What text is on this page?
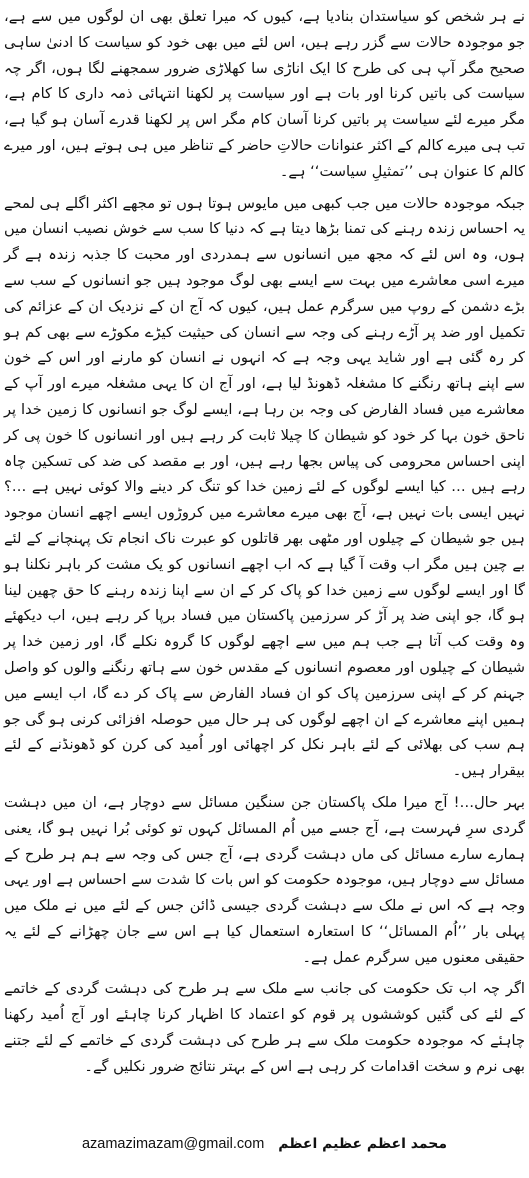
نے ہر شخص کو سیاستدان بنادیا ہے، کیوں کہ میرا تعلق بھی ان لوگوں میں سے ہے، جو موجودہ حالات سے گزر رہے ہیں، اس لئے میں بھی خود کو سیاست کا ادنیٰ ساہی صحیح مگر آپ ہی کی طرح کا ایک اناڑی سا کھلاڑی ضرور سمجھنے لگا ہوں، اگر چہ سیاست کی باتیں کرنا اور بات ہے اور سیاست پر لکھنا انتہائی ذمہ داری کا کام ہے، مگر میرے لئے سیاست پر باتیں کرنا آسان کام مگر اس پر لکھنا قدرے آسان ہو گیا ہے، تب ہی میرے کالم کے اکثر عنوانات حالاتِ حاضر کے تناظر میں ہی ہوتے ہیں، اور میرے کالم کا عنوان ہی ’’تمثیلِ سیاست‘‘ ہے۔

جبکہ موجودہ حالات میں جب کبھی میں مایوس ہوتا ہوں تو مجھے اکثر اگلے ہی لمحے یہ احساس زندہ رہنے کی تمنا بڑھا دیتا ہے کہ دنیا کا سب سے خوش نصیب انسان میں ہوں، وہ اس لئے کہ مجھ میں انسانوں سے ہمدردی اور محبت کا جذبہ زندہ ہے گر میرے اسی معاشرے میں بہت سے ایسے بھی لوگ موجود ہیں جو انسانوں کے سب سے بڑے دشمن کے روپ میں سرگرم عمل ہیں، کیوں کہ آج ان کے نزدیک ان کے عزائم کی تکمیل اور ضد پر آڑے رہنے کی وجہ سے انسان کی حیثیت کیڑے مکوڑے سے بھی کم ہو کر رہ گئی ہے اور شاید یہی وجہ ہے کہ انہوں نے انسان کو مارنے اور اس کے خون سے اپنے ہاتھ رنگنے کا مشغلہ ڈھونڈ لیا ہے، اور آج ان کا یہی مشغلہ میرے اور آپ کے معاشرے میں فساد الفارض کی وجہ بن رہا ہے، ایسے لوگ جو انسانوں کا زمین خدا پر ناحق خون بہا کر خود کو شیطان کا چیلا ثابت کر رہے ہیں اور انسانوں کا خون پی کر اپنی احساس محرومی کی پیاس بجھا رہے ہیں، اور بے مقصد کی ضد کی تسکین چاہ رہے ہیں … کیا ایسے لوگوں کے لئے زمین خدا کو تنگ کر دینے والا کوئی نہیں ہے …؟ نہیں ایسی بات نہیں ہے، آج بھی میرے معاشرے میں کروڑوں ایسے اچھے انسان موجود ہیں جو شیطان کے چیلوں اور مٹھی بھر قاتلوں کو عبرت ناک انجام تک پہنچانے کے لئے بے چین ہیں مگر اب وقت آ گیا ہے کہ اب اچھے انسانوں کو یک مشت کر باہر نکلنا ہو گا اور ایسے لوگوں سے زمین خدا کو پاک کر کے ان سے اپنا زندہ رہنے کا حق چھین لینا ہو گا، جو اپنی ضد پر آڑ کر سرزمین پاکستان میں فساد برپا کر رہے ہیں، اب دیکھئے وہ وقت کب آتا ہے جب ہم میں سے اچھے لوگوں کا گروہ نکلے گا، اور زمین خدا پر شیطان کے چیلوں اور معصوم انسانوں کے مقدس خون سے ہاتھ رنگنے والوں کو واصل جہنم کر کے اپنی سرزمین پاک کو ان فساد الفارض سے پاک کر دے گا، اب ایسے میں ہمیں اپنے معاشرے کے ان اچھے لوگوں کی ہر حال میں حوصلہ افزائی کرنی ہو گی جو ہم سب کی بھلائی کے لئے باہر نکل کر اچھائی اور اُمید کی کرن کو ڈھونڈنے کے لئے بیقرار ہیں۔

بہر حال…! آج میرا ملک پاکستان جن سنگین مسائل سے دوچار ہے، ان میں دہشت گردی سرِ فہرست ہے، آج جسے میں اُم المسائل کہوں تو کوئی بُرا نہیں ہو گا، یعنی ہمارے سارے مسائل کی ماں دہشت گردی ہے، آج جس کی وجہ سے ہم ہر طرح کے مسائل سے دوچار ہیں، موجودہ حکومت کو اس بات کا شدت سے احساس ہے اور یہی وجہ ہے کہ اس نے ملک سے دہشت گردی جیسی ڈائن جس کے لئے میں نے ملک میں پہلی بار ’’اُم المسائل‘‘ کا استعارہ استعمال کیا ہے اس سے جان چھڑانے کے لئے یہ حقیقی معنوں میں سرگرم عمل ہے۔

اگر چہ اب تک حکومت کی جانب سے ملک سے ہر طرح کی دہشت گردی کے خاتمے کے لئے کی گئیں کوششوں پر قوم کو اعتماد کا اظہار کرنا چاہئے اور آج اُمید رکھنا چاہئے کہ موجودہ حکومت ملک سے ہر طرح کی دہشت گردی کے خاتمے کے لئے جتنے بھی نرم و سخت اقدامات کر رہی ہے اس کے بہتر نتائج ضرور نکلیں گے۔

azamazimazam@gmail.com محمد اعظم عظیم اعظم
